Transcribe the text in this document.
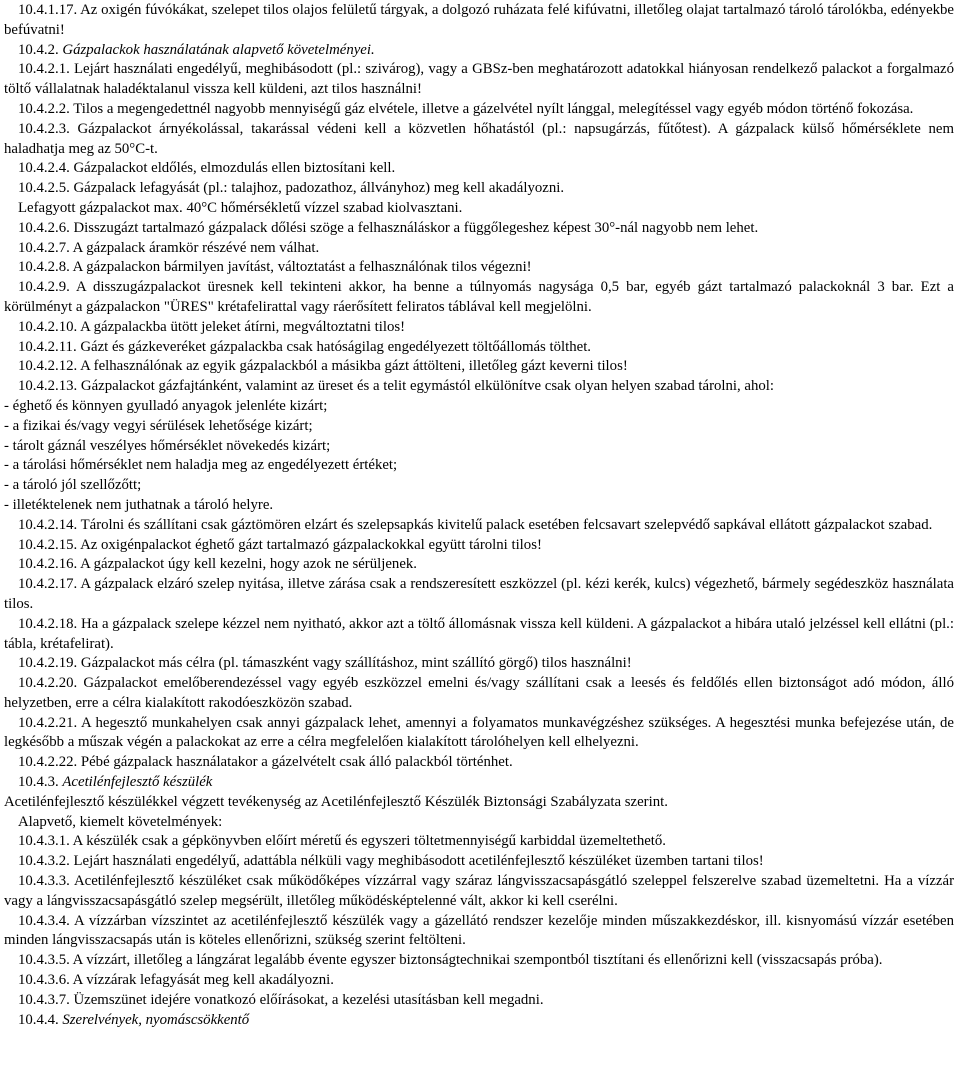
10.4.1.17. Az oxigén fúvókákat, szelepet tilos olajos felületű tárgyak, a dolgozó ruházata felé kifúvatni, illetőleg olajat tartalmazó tároló tárolókba, edényekbe befúvatni!

10.4.2. Gázpalackok használatának alapvető követelményei.

10.4.2.1. Lejárt használati engedélyű, meghibásodott (pl.: szivárog), vagy a GBSz-ben meghatározott adatokkal hiányosan rendelkező palackot a forgalmazó töltő vállalatnak haladéktalanul vissza kell küldeni, azt tilos használni!

10.4.2.2. Tilos a megengedettnél nagyobb mennyiségű gáz elvétele, illetve a gázelvétel nyílt lánggal, melegítéssel vagy egyéb módon történő fokozása.

10.4.2.3. Gázpalackot árnyékolással, takarással védeni kell a közvetlen hőhatástól (pl.: napsugárzás, fűtőtest). A gázpalack külső hőmérséklete nem haladhatja meg az 50°C-t.

10.4.2.4. Gázpalackot eldőlés, elmozdulás ellen biztosítani kell.

10.4.2.5. Gázpalack lefagyását (pl.: talajhoz, padozathoz, állványhoz) meg kell akadályozni.

Lefagyott gázpalackot max. 40°C hőmérsékletű vízzel szabad kiolvasztani.

10.4.2.6. Disszugázt tartalmazó gázpalack dőlési szöge a felhasználáskor a függőlegeshez képest 30°-nál nagyobb nem lehet.

10.4.2.7. A gázpalack áramkör részévé nem válhat.

10.4.2.8. A gázpalackon bármilyen javítást, változtatást a felhasználónak tilos végezni!

10.4.2.9. A disszugázpalackot üresnek kell tekinteni akkor, ha benne a túlnyomás nagysága 0,5 bar, egyéb gázt tartalmazó palackoknál 3 bar. Ezt a körülményt a gázpalackon "ÜRES" krétafelirattal vagy ráerősített feliratos táblával kell megjelölni.

10.4.2.10. A gázpalackba ütött jeleket átírni, megváltoztatni tilos!

10.4.2.11. Gázt és gázkeveréket gázpalackba csak hatóságilag engedélyezett töltőállomás tölthet.

10.4.2.12. A felhasználónak az egyik gázpalackból a másikba gázt áttölteni, illetőleg gázt keverni tilos!

10.4.2.13. Gázpalackot gázfajtánként, valamint az üreset és a telit egymástól elkülönítve csak olyan helyen szabad tárolni, ahol:

- éghető és könnyen gyulladó anyagok jelenléte kizárt;

- a fizikai és/vagy vegyi sérülések lehetősége kizárt;

- tárolt gáznál veszélyes hőmérséklet növekedés kizárt;

- a tárolási hőmérséklet nem haladja meg az engedélyezett értéket;

- a tároló jól szellőzőtt;

- illetéktelenek nem juthatnak a tároló helyre.

10.4.2.14. Tárolni és szállítani csak gáztömören elzárt és szelepsapkás kivitelű palack esetében felcsavart szelepvédő sapkával ellátott gázpalackot szabad.

10.4.2.15. Az oxigénpalackot éghető gázt tartalmazó gázpalackokkal együtt tárolni tilos!

10.4.2.16. A gázpalackot úgy kell kezelni, hogy azok ne sérüljenek.

10.4.2.17. A gázpalack elzáró szelep nyitása, illetve zárása csak a rendszeresített eszközzel (pl. kézi kerék, kulcs) végezhető, bármely segédeszköz használata tilos.

10.4.2.18. Ha a gázpalack szelepe kézzel nem nyitható, akkor azt a töltő állomásnak vissza kell küldeni. A gázpalackot a hibára utaló jelzéssel kell ellátni (pl.: tábla, krétafelirat).

10.4.2.19. Gázpalackot más célra (pl. támaszként vagy szállításhoz, mint szállító görgő) tilos használni!

10.4.2.20. Gázpalackot emelőberendezéssel vagy egyéb eszközzel emelni és/vagy szállítani csak a leesés és feldőlés ellen biztonságot adó módon, álló helyzetben, erre a célra kialakított rakodóeszközön szabad.

10.4.2.21. A hegesztő munkahelyen csak annyi gázpalack lehet, amennyi a folyamatos munkavégzéshez szükséges. A hegesztési munka befejezése után, de legkésőbb a műszak végén a palackokat az erre a célra megfelelően kialakított tárolóhelyen kell elhelyezni.

10.4.2.22. Pébé gázpalack használatakor a gázelvételt csak álló palackból történhet.

10.4.3. Acetilénfejlesztő készülék

Acetilénfejlesztő készülékkel végzett tevékenység az Acetilénfejlesztő Készülék Biztonsági Szabályzata szerint.

Alapvető, kiemelt követelmények:

10.4.3.1. A készülék csak a gépkönyvben előírt méretű és egyszeri töltetmennyiségű karbiddal üzemeltethető.

10.4.3.2. Lejárt használati engedélyű, adattábla nélküli vagy meghibásodott acetilénfejlesztő készüléket üzemben tartani tilos!

10.4.3.3. Acetilénfejlesztő készüléket csak működőképes vízzárral vagy száraz lángvisszacsapásgátló szeleppel felszerelve szabad üzemeltetni. Ha a vízzár vagy a lángvisszacsapásgátló szelep megsérült, illetőleg működésképtelenné vált, akkor ki kell cserélni.

10.4.3.4. A vízzárban vízszintet az acetilénfejlesztő készülék vagy a gázellátó rendszer kezelője minden műszakkezdéskor, ill. kisnyomású vízzár esetében minden lángvisszacsapás után is köteles ellenőrizni, szükség szerint feltölteni.

10.4.3.5. A vízzárt, illetőleg a lángzárat legalább évente egyszer biztonságtechnikai szempontból tisztítani és ellenőrizni kell (visszacsapás próba).

10.4.3.6. A vízzárak lefagyását meg kell akadályozni.

10.4.3.7. Üzemszünet idejére vonatkozó előírásokat, a kezelési utasításban kell megadni.

10.4.4. Szerelvények, nyomáscsökkentő
